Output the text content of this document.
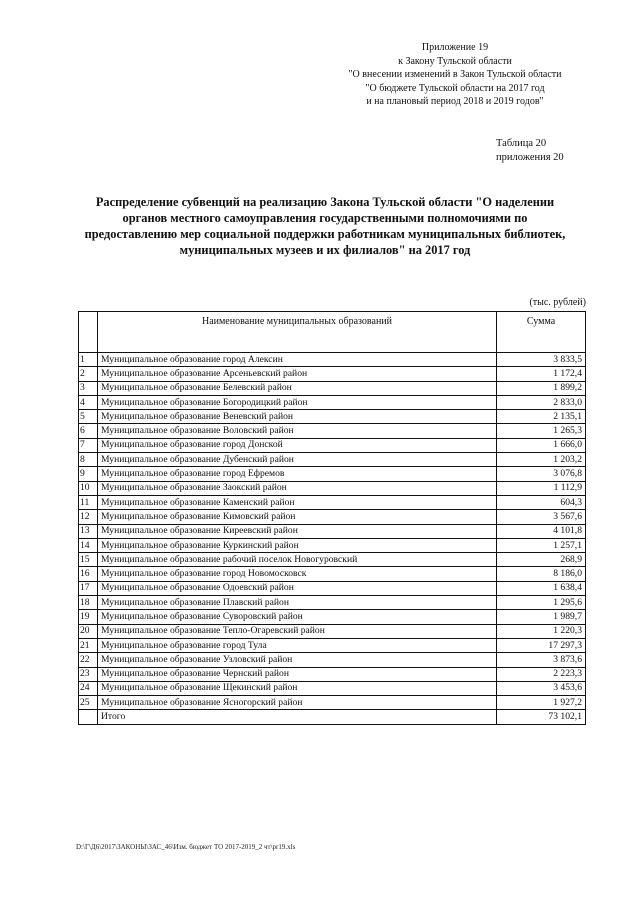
Приложение 19
к Закону Тульской области
"О внесении изменений в Закон Тульской области
"О бюджете Тульской области на 2017 год
и на плановый период 2018 и 2019 годов"
Таблица 20
приложения 20
Распределение субвенций на реализацию Закона Тульской области "О наделении
органов местного самоуправления государственными полномочиями по
предоставлению мер социальной поддержки работникам муниципальных библиотек,
муниципальных музеев и их филиалов" на 2017 год
(тыс. рублей)
	Наименование муниципальных образований	Сумма
1	Муниципальное образование город Алексин	3 833,5
2	Муниципальное образование Арсеньевский район	1 172,4
3	Муниципальное образование Белевский район	1 899,2
4	Муниципальное образование Богородицкий район	2 833,0
5	Муниципальное образование Веневский район	2 135,1
6	Муниципальное образование Воловский район	1 265,3
7	Муниципальное образование город Донской	1 666,0
8	Муниципальное образование Дубенский район	1 203,2
9	Муниципальное образование город Ефремов	3 076,8
10	Муниципальное образование Заокский район	1 112,9
11	Муниципальное образование Каменский район	604,3
12	Муниципальное образование Кимовский район	3 567,6
13	Муниципальное образование Киреевский район	4 101,8
14	Муниципальное образование Куркинский район	1 257,1
15	Муниципальное образование рабочий поселок Новогуровский	268,9
16	Муниципальное образование город Новомосковск	8 186,0
17	Муниципальное образование Одоевский район	1 638,4
18	Муниципальное образование Плавский район	1 295,6
19	Муниципальное образование Суворовский район	1 989,7
20	Муниципальное образование Тепло-Огаревский район	1 220,3
21	Муниципальное образование город Тула	17 297,3
22	Муниципальное образование Узловский район	3 873,6
23	Муниципальное образование Чернский район	2 223,3
24	Муниципальное образование Щекинский район	3 453,6
25	Муниципальное образование Ясногорский район	1 927,2
	Итого	73 102,1
D:\Г\Д6\2017\ЗАКОНЫ\ЗАС_46\Изм. бюджет ТО 2017-2019_2 чт\pr19.xls
